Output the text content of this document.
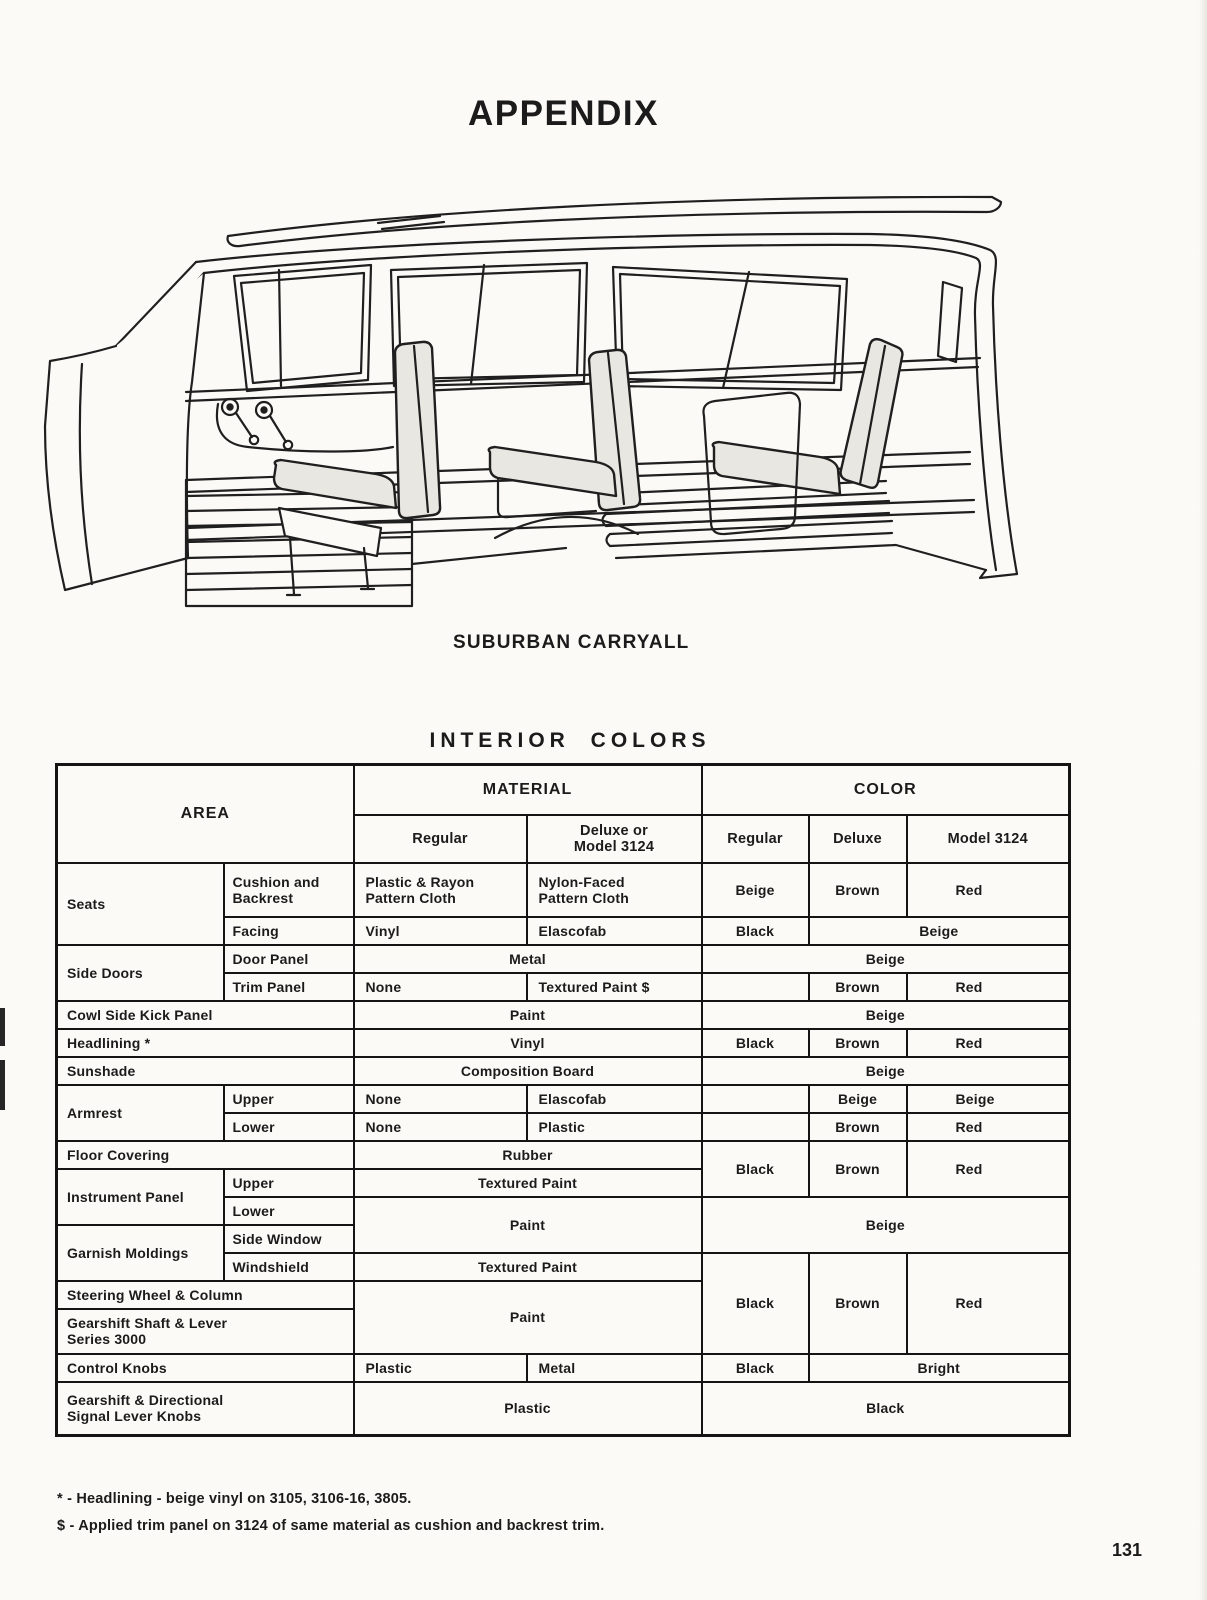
APPENDIX
SUBURBAN CARRYALL
INTERIOR COLORS
AREA		MATERIAL		COLOR		
		Regular	Deluxe or Model 3124	Regular	Deluxe	Model 3124
Seats	Cushion and Backrest	Plastic & Rayon Pattern Cloth	Nylon-Faced Pattern Cloth	Beige	Brown	Red
	Facing	Vinyl	Elascofab	Black	Beige	
Side Doors	Door Panel	Metal		Beige		
	Trim Panel	None	Textured Paint $		Brown	Red
Cowl Side Kick Panel		Paint		Beige		
Headlining *		Vinyl		Black	Brown	Red
Sunshade		Composition Board		Beige		
Armrest	Upper	None	Elascofab		Beige	Beige
	Lower	None	Plastic		Brown	Red
Floor Covering		Rubber		Black	Brown	Red
Instrument Panel	Upper	Textured Paint				
	Lower	Paint		Beige		
Garnish Moldings	Side Window					
	Windshield	Textured Paint		Black	Brown	Red
Steering Wheel & Column		Paint				
Gearshift Shaft & Lever Series 3000						
Control Knobs		Plastic	Metal	Black	Bright	
Gearshift & Directional Signal Lever Knobs		Plastic		Black		
* - Headlining - beige vinyl on 3105, 3106-16, 3805.
$ - Applied trim panel on 3124 of same material as cushion and backrest trim.
131
